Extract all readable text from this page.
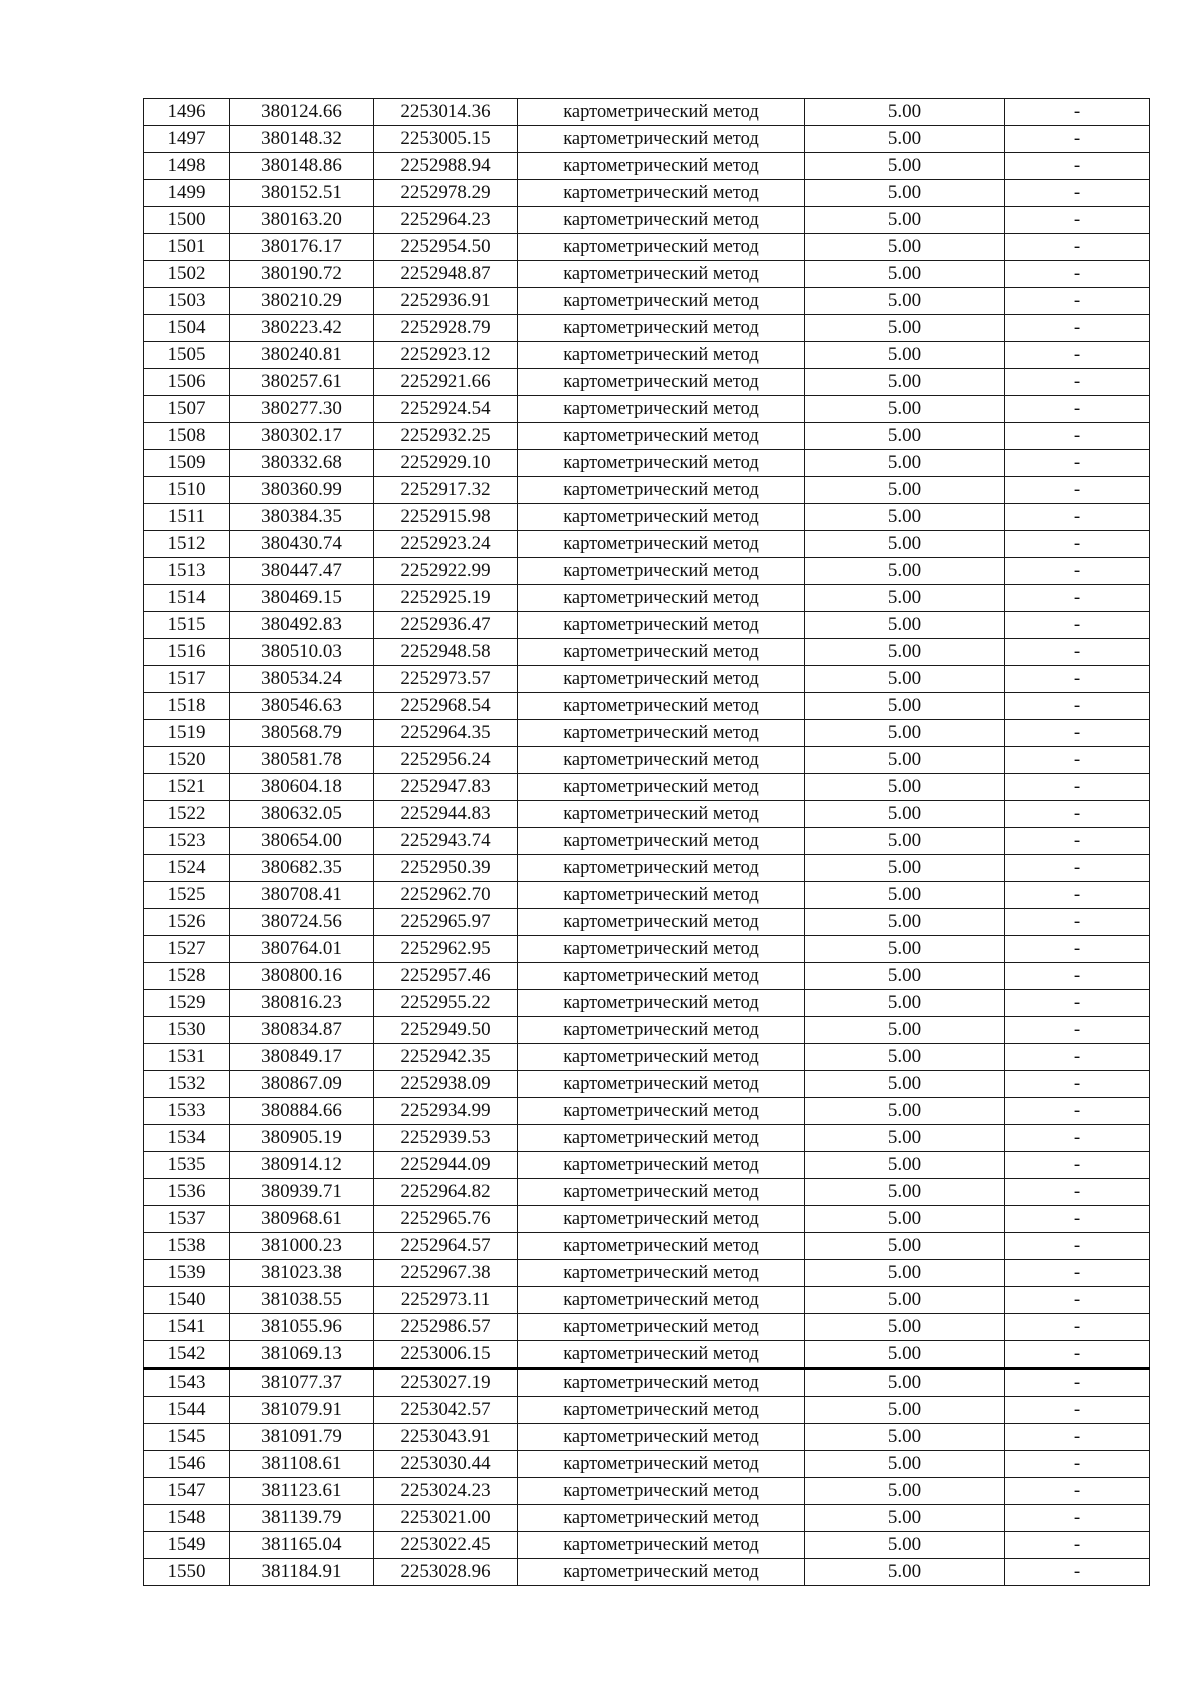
1496	380124.66	2253014.36	картометрический метод	5.00	-
1497	380148.32	2253005.15	картометрический метод	5.00	-
1498	380148.86	2252988.94	картометрический метод	5.00	-
1499	380152.51	2252978.29	картометрический метод	5.00	-
1500	380163.20	2252964.23	картометрический метод	5.00	-
1501	380176.17	2252954.50	картометрический метод	5.00	-
1502	380190.72	2252948.87	картометрический метод	5.00	-
1503	380210.29	2252936.91	картометрический метод	5.00	-
1504	380223.42	2252928.79	картометрический метод	5.00	-
1505	380240.81	2252923.12	картометрический метод	5.00	-
1506	380257.61	2252921.66	картометрический метод	5.00	-
1507	380277.30	2252924.54	картометрический метод	5.00	-
1508	380302.17	2252932.25	картометрический метод	5.00	-
1509	380332.68	2252929.10	картометрический метод	5.00	-
1510	380360.99	2252917.32	картометрический метод	5.00	-
1511	380384.35	2252915.98	картометрический метод	5.00	-
1512	380430.74	2252923.24	картометрический метод	5.00	-
1513	380447.47	2252922.99	картометрический метод	5.00	-
1514	380469.15	2252925.19	картометрический метод	5.00	-
1515	380492.83	2252936.47	картометрический метод	5.00	-
1516	380510.03	2252948.58	картометрический метод	5.00	-
1517	380534.24	2252973.57	картометрический метод	5.00	-
1518	380546.63	2252968.54	картометрический метод	5.00	-
1519	380568.79	2252964.35	картометрический метод	5.00	-
1520	380581.78	2252956.24	картометрический метод	5.00	-
1521	380604.18	2252947.83	картометрический метод	5.00	-
1522	380632.05	2252944.83	картометрический метод	5.00	-
1523	380654.00	2252943.74	картометрический метод	5.00	-
1524	380682.35	2252950.39	картометрический метод	5.00	-
1525	380708.41	2252962.70	картометрический метод	5.00	-
1526	380724.56	2252965.97	картометрический метод	5.00	-
1527	380764.01	2252962.95	картометрический метод	5.00	-
1528	380800.16	2252957.46	картометрический метод	5.00	-
1529	380816.23	2252955.22	картометрический метод	5.00	-
1530	380834.87	2252949.50	картометрический метод	5.00	-
1531	380849.17	2252942.35	картометрический метод	5.00	-
1532	380867.09	2252938.09	картометрический метод	5.00	-
1533	380884.66	2252934.99	картометрический метод	5.00	-
1534	380905.19	2252939.53	картометрический метод	5.00	-
1535	380914.12	2252944.09	картометрический метод	5.00	-
1536	380939.71	2252964.82	картометрический метод	5.00	-
1537	380968.61	2252965.76	картометрический метод	5.00	-
1538	381000.23	2252964.57	картометрический метод	5.00	-
1539	381023.38	2252967.38	картометрический метод	5.00	-
1540	381038.55	2252973.11	картометрический метод	5.00	-
1541	381055.96	2252986.57	картометрический метод	5.00	-
1542	381069.13	2253006.15	картометрический метод	5.00	-
1543	381077.37	2253027.19	картометрический метод	5.00	-
1544	381079.91	2253042.57	картометрический метод	5.00	-
1545	381091.79	2253043.91	картометрический метод	5.00	-
1546	381108.61	2253030.44	картометрический метод	5.00	-
1547	381123.61	2253024.23	картометрический метод	5.00	-
1548	381139.79	2253021.00	картометрический метод	5.00	-
1549	381165.04	2253022.45	картометрический метод	5.00	-
1550	381184.91	2253028.96	картометрический метод	5.00	-
